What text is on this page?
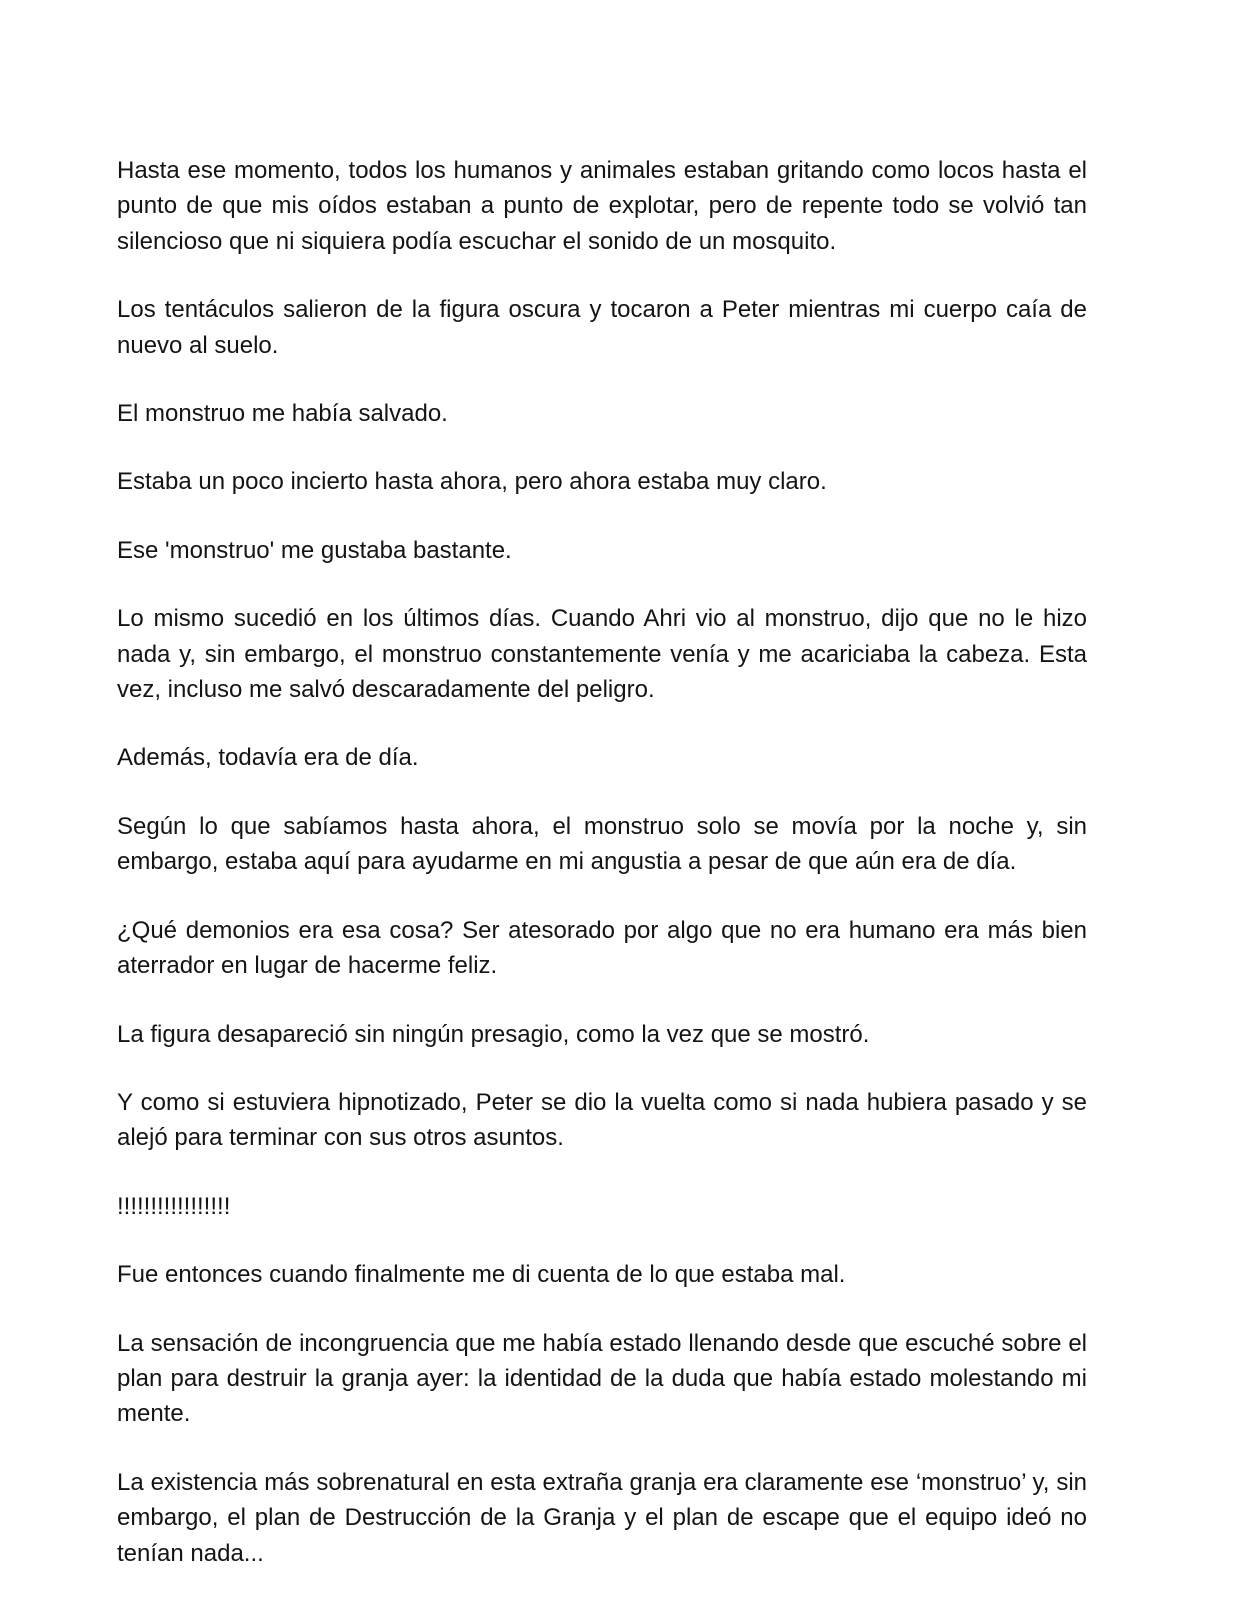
Hasta ese momento, todos los humanos y animales estaban gritando como locos hasta el punto de que mis oídos estaban a punto de explotar, pero de repente todo se volvió tan silencioso que ni siquiera podía escuchar el sonido de un mosquito.

Los tentáculos salieron de la figura oscura y tocaron a Peter mientras mi cuerpo caía de nuevo al suelo.

El monstruo me había salvado.

Estaba un poco incierto hasta ahora, pero ahora estaba muy claro.

Ese 'monstruo' me gustaba bastante.

Lo mismo sucedió en los últimos días. Cuando Ahri vio al monstruo, dijo que no le hizo nada y, sin embargo, el monstruo constantemente venía y me acariciaba la cabeza. Esta vez, incluso me salvó descaradamente del peligro.

Además, todavía era de día.

Según lo que sabíamos hasta ahora, el monstruo solo se movía por la noche y, sin embargo, estaba aquí para ayudarme en mi angustia a pesar de que aún era de día.

¿Qué demonios era esa cosa? Ser atesorado por algo que no era humano era más bien aterrador en lugar de hacerme feliz.

La figura desapareció sin ningún presagio, como la vez que se mostró.

Y como si estuviera hipnotizado, Peter se dio la vuelta como si nada hubiera pasado y se alejó para terminar con sus otros asuntos.

!!!!!!!!!!!!!!!!!

Fue entonces cuando finalmente me di cuenta de lo que estaba mal.

La sensación de incongruencia que me había estado llenando desde que escuché sobre el plan para destruir la granja ayer: la identidad de la duda que había estado molestando mi mente.

La existencia más sobrenatural en esta extraña granja era claramente ese ‘monstruo’ y, sin embargo, el plan de Destrucción de la Granja y el plan de escape que el equipo ideó no tenían nada...
